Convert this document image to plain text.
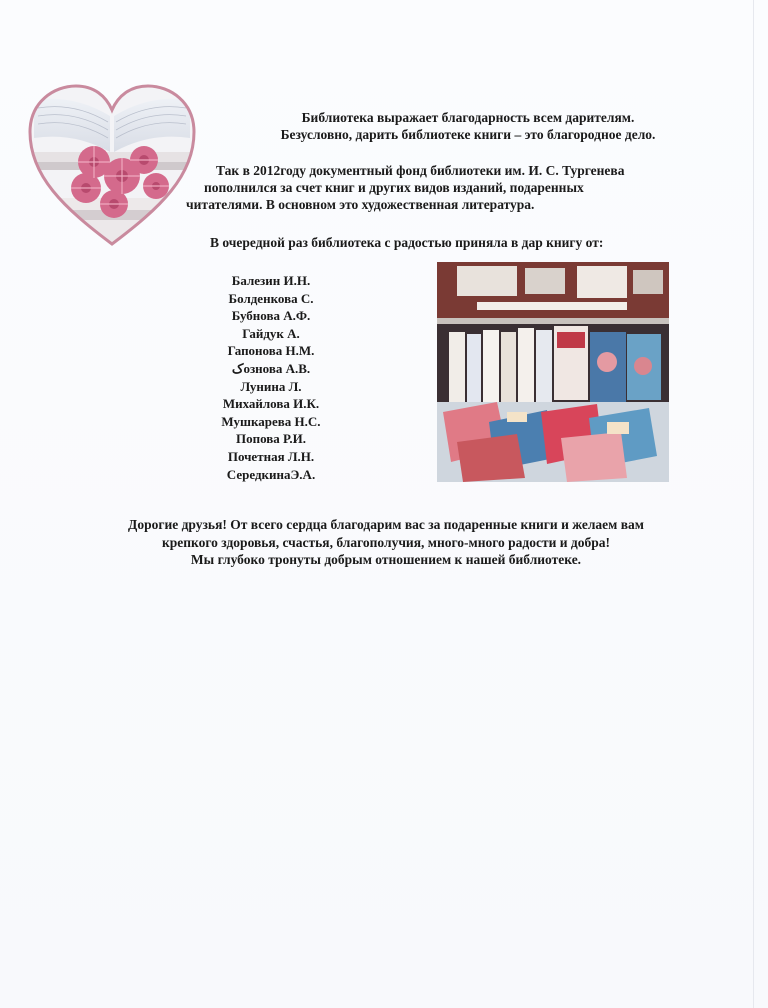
Библиотека выражает благодарность всем дарителям.
Безусловно, дарить библиотеке книги – это благородное дело.
Так в 2012году документный фонд библиотеки им. И. С. Тургенева
пополнился за счет книг и других видов изданий, подаренных
читателями. В основном это художественная литература.
В очередной раз библиотека с радостью приняла в дар книгу от:
Балезин И.Н.
Болденкова С.
Бубнова А.Ф.
Гайдук А.
Гапонова Н.М.
کознова А.В.
Лунина Л.
Михайлова И.К.
Мушкарева Н.С.
Попова Р.И.
Почетная Л.Н.
СередкинаЭ.А.
Дорогие друзья! От всего сердца благодарим вас за подаренные книги и желаем вам
крепкого здоровья, счастья, благополучия, много-много радости и добра!
Мы глубоко тронуты добрым отношением к нашей библиотеке.
